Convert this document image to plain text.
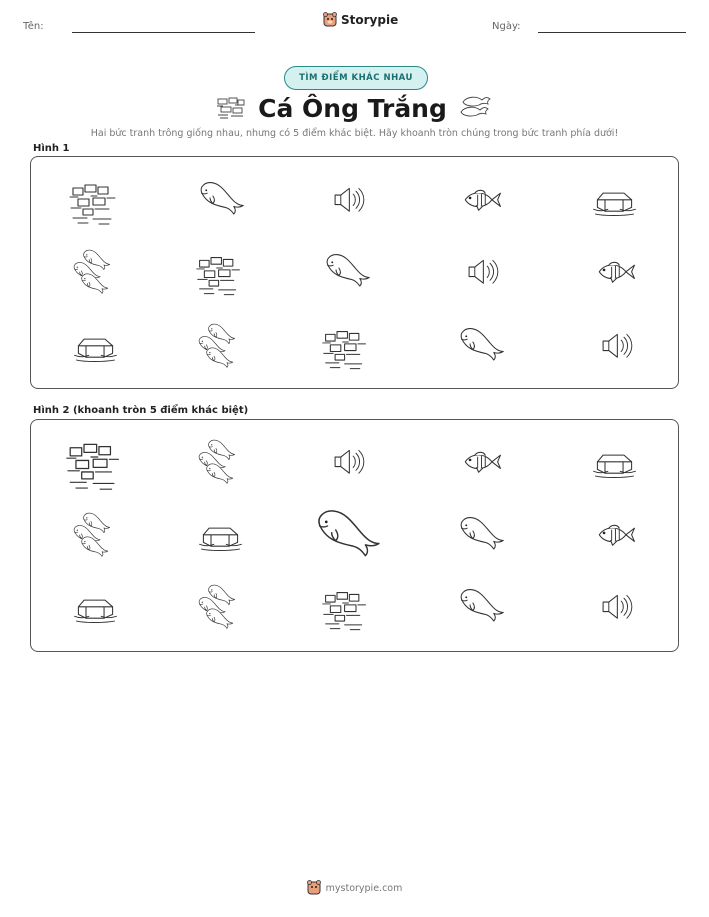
Tên:	Storypie	Ngày:
TÌM ĐIỂM KHÁC NHAU
Cá Ông Trắng
Hai bức tranh trông giống nhau, nhưng có 5 điểm khác biệt. Hãy khoanh tròn chúng trong bức tranh phía dưới!
Hình 1
Hình 2 (khoanh tròn 5 điểm khác biệt)
mystorypie.com
